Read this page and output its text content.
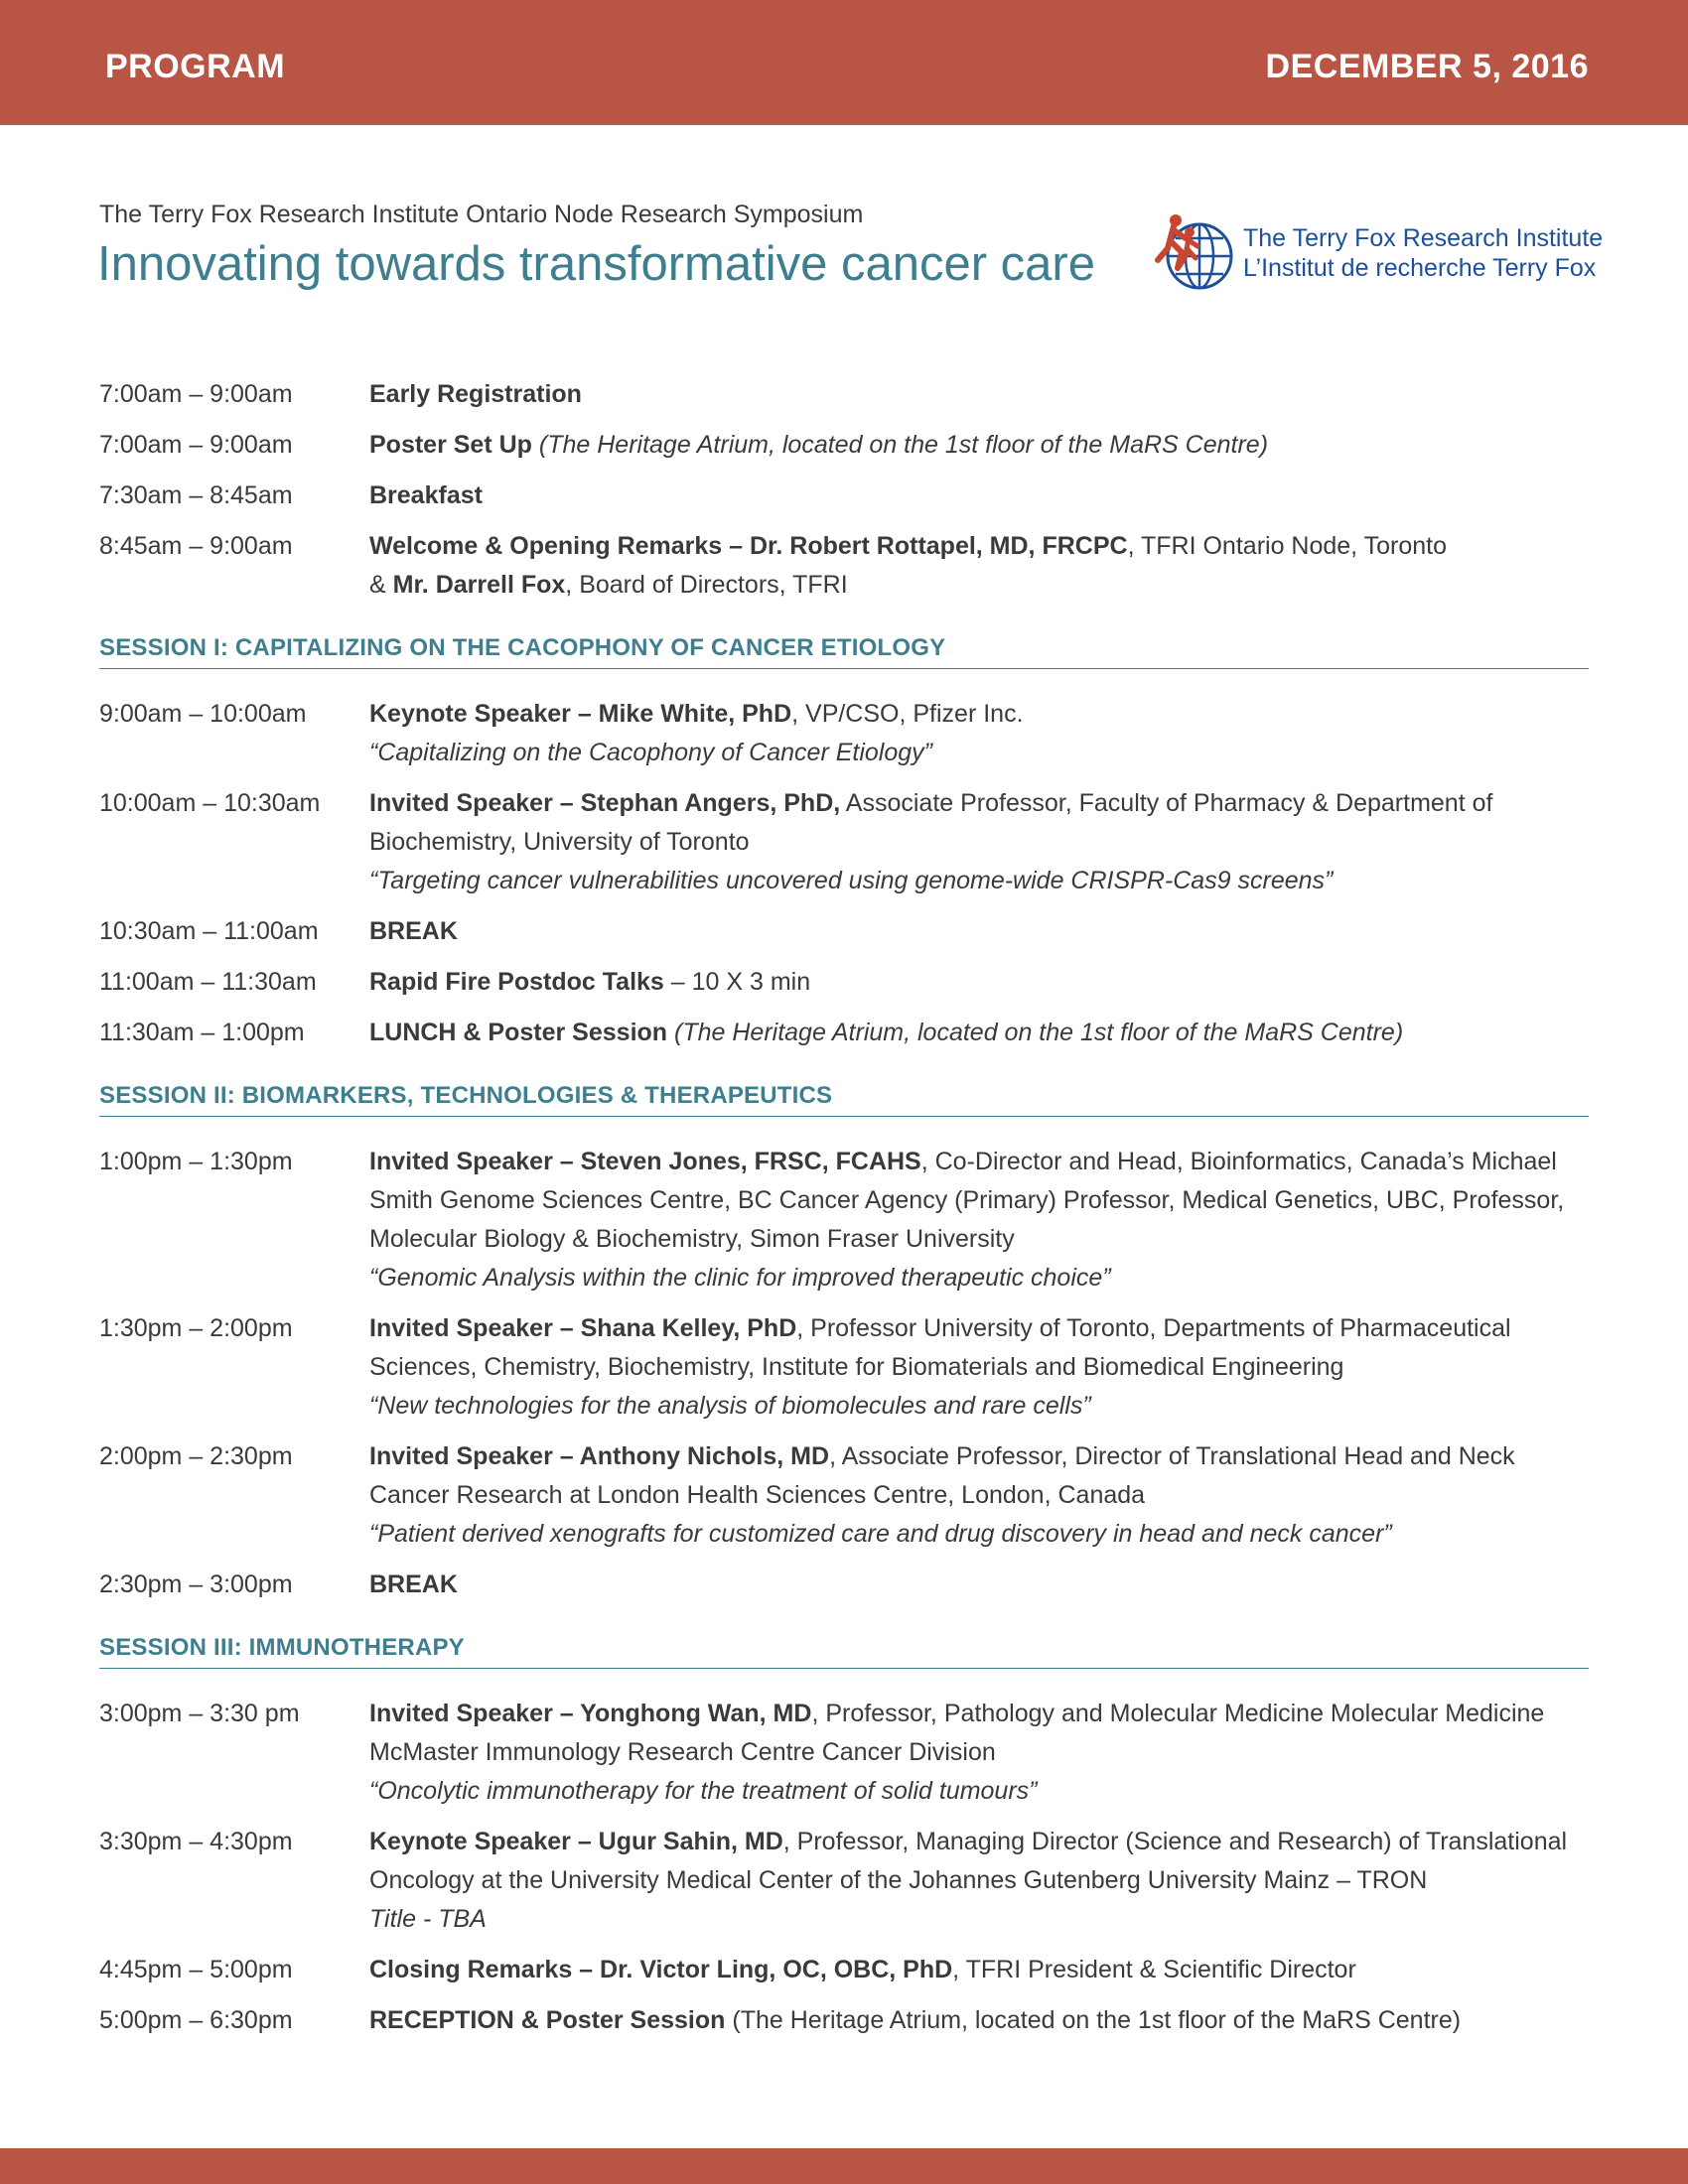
PROGRAM	DECEMBER 5, 2016
The Terry Fox Research Institute Ontario Node Research Symposium
Innovating towards transformative cancer care	The Terry Fox Research Institute
L’Institut de recherche Terry Fox
7:00am – 9:00am	Early Registration
7:00am – 9:00am	Poster Set Up (The Heritage Atrium, located on the 1st floor of the MaRS Centre)
7:30am – 8:45am	Breakfast
8:45am – 9:00am	Welcome & Opening Remarks – Dr. Robert Rottapel, MD, FRCPC, TFRI Ontario Node, Toronto
& Mr. Darrell Fox, Board of Directors, TFRI
SESSION I: CAPITALIZING ON THE CACOPHONY OF CANCER ETIOLOGY
9:00am – 10:00am	Keynote Speaker – Mike White, PhD, VP/CSO, Pfizer Inc.
“Capitalizing on the Cacophony of Cancer Etiology”
10:00am – 10:30am	Invited Speaker – Stephan Angers, PhD, Associate Professor, Faculty of Pharmacy & Department of Biochemistry, University of Toronto
“Targeting cancer vulnerabilities uncovered using genome-wide CRISPR-Cas9 screens”
10:30am – 11:00am	BREAK
11:00am – 11:30am	Rapid Fire Postdoc Talks – 10 X 3 min
11:30am – 1:00pm	LUNCH & Poster Session (The Heritage Atrium, located on the 1st floor of the MaRS Centre)
SESSION II: BIOMARKERS, TECHNOLOGIES & THERAPEUTICS
1:00pm – 1:30pm	Invited Speaker – Steven Jones, FRSC, FCAHS, Co-Director and Head, Bioinformatics, Canada’s Michael Smith Genome Sciences Centre, BC Cancer Agency (Primary) Professor, Medical Genetics, UBC, Professor, Molecular Biology & Biochemistry, Simon Fraser University
“Genomic Analysis within the clinic for improved therapeutic choice”
1:30pm – 2:00pm	Invited Speaker – Shana Kelley, PhD, Professor University of Toronto, Departments of Pharmaceutical Sciences, Chemistry, Biochemistry, Institute for Biomaterials and Biomedical Engineering
“New technologies for the analysis of biomolecules and rare cells”
2:00pm – 2:30pm	Invited Speaker – Anthony Nichols, MD, Associate Professor, Director of Translational Head and Neck Cancer Research at London Health Sciences Centre, London, Canada
“Patient derived xenografts for customized care and drug discovery in head and neck cancer”
2:30pm – 3:00pm	BREAK
SESSION III: IMMUNOTHERAPY
3:00pm – 3:30 pm	Invited Speaker – Yonghong Wan, MD, Professor, Pathology and Molecular Medicine Molecular Medicine McMaster Immunology Research Centre Cancer Division
“Oncolytic immunotherapy for the treatment of solid tumours”
3:30pm – 4:30pm	Keynote Speaker – Ugur Sahin, MD, Professor, Managing Director (Science and Research) of Translational Oncology at the University Medical Center of the Johannes Gutenberg University Mainz – TRON
Title - TBA
4:45pm – 5:00pm	Closing Remarks – Dr. Victor Ling, OC, OBC, PhD, TFRI President & Scientific Director
5:00pm – 6:30pm	RECEPTION & Poster Session (The Heritage Atrium, located on the 1st floor of the MaRS Centre)
